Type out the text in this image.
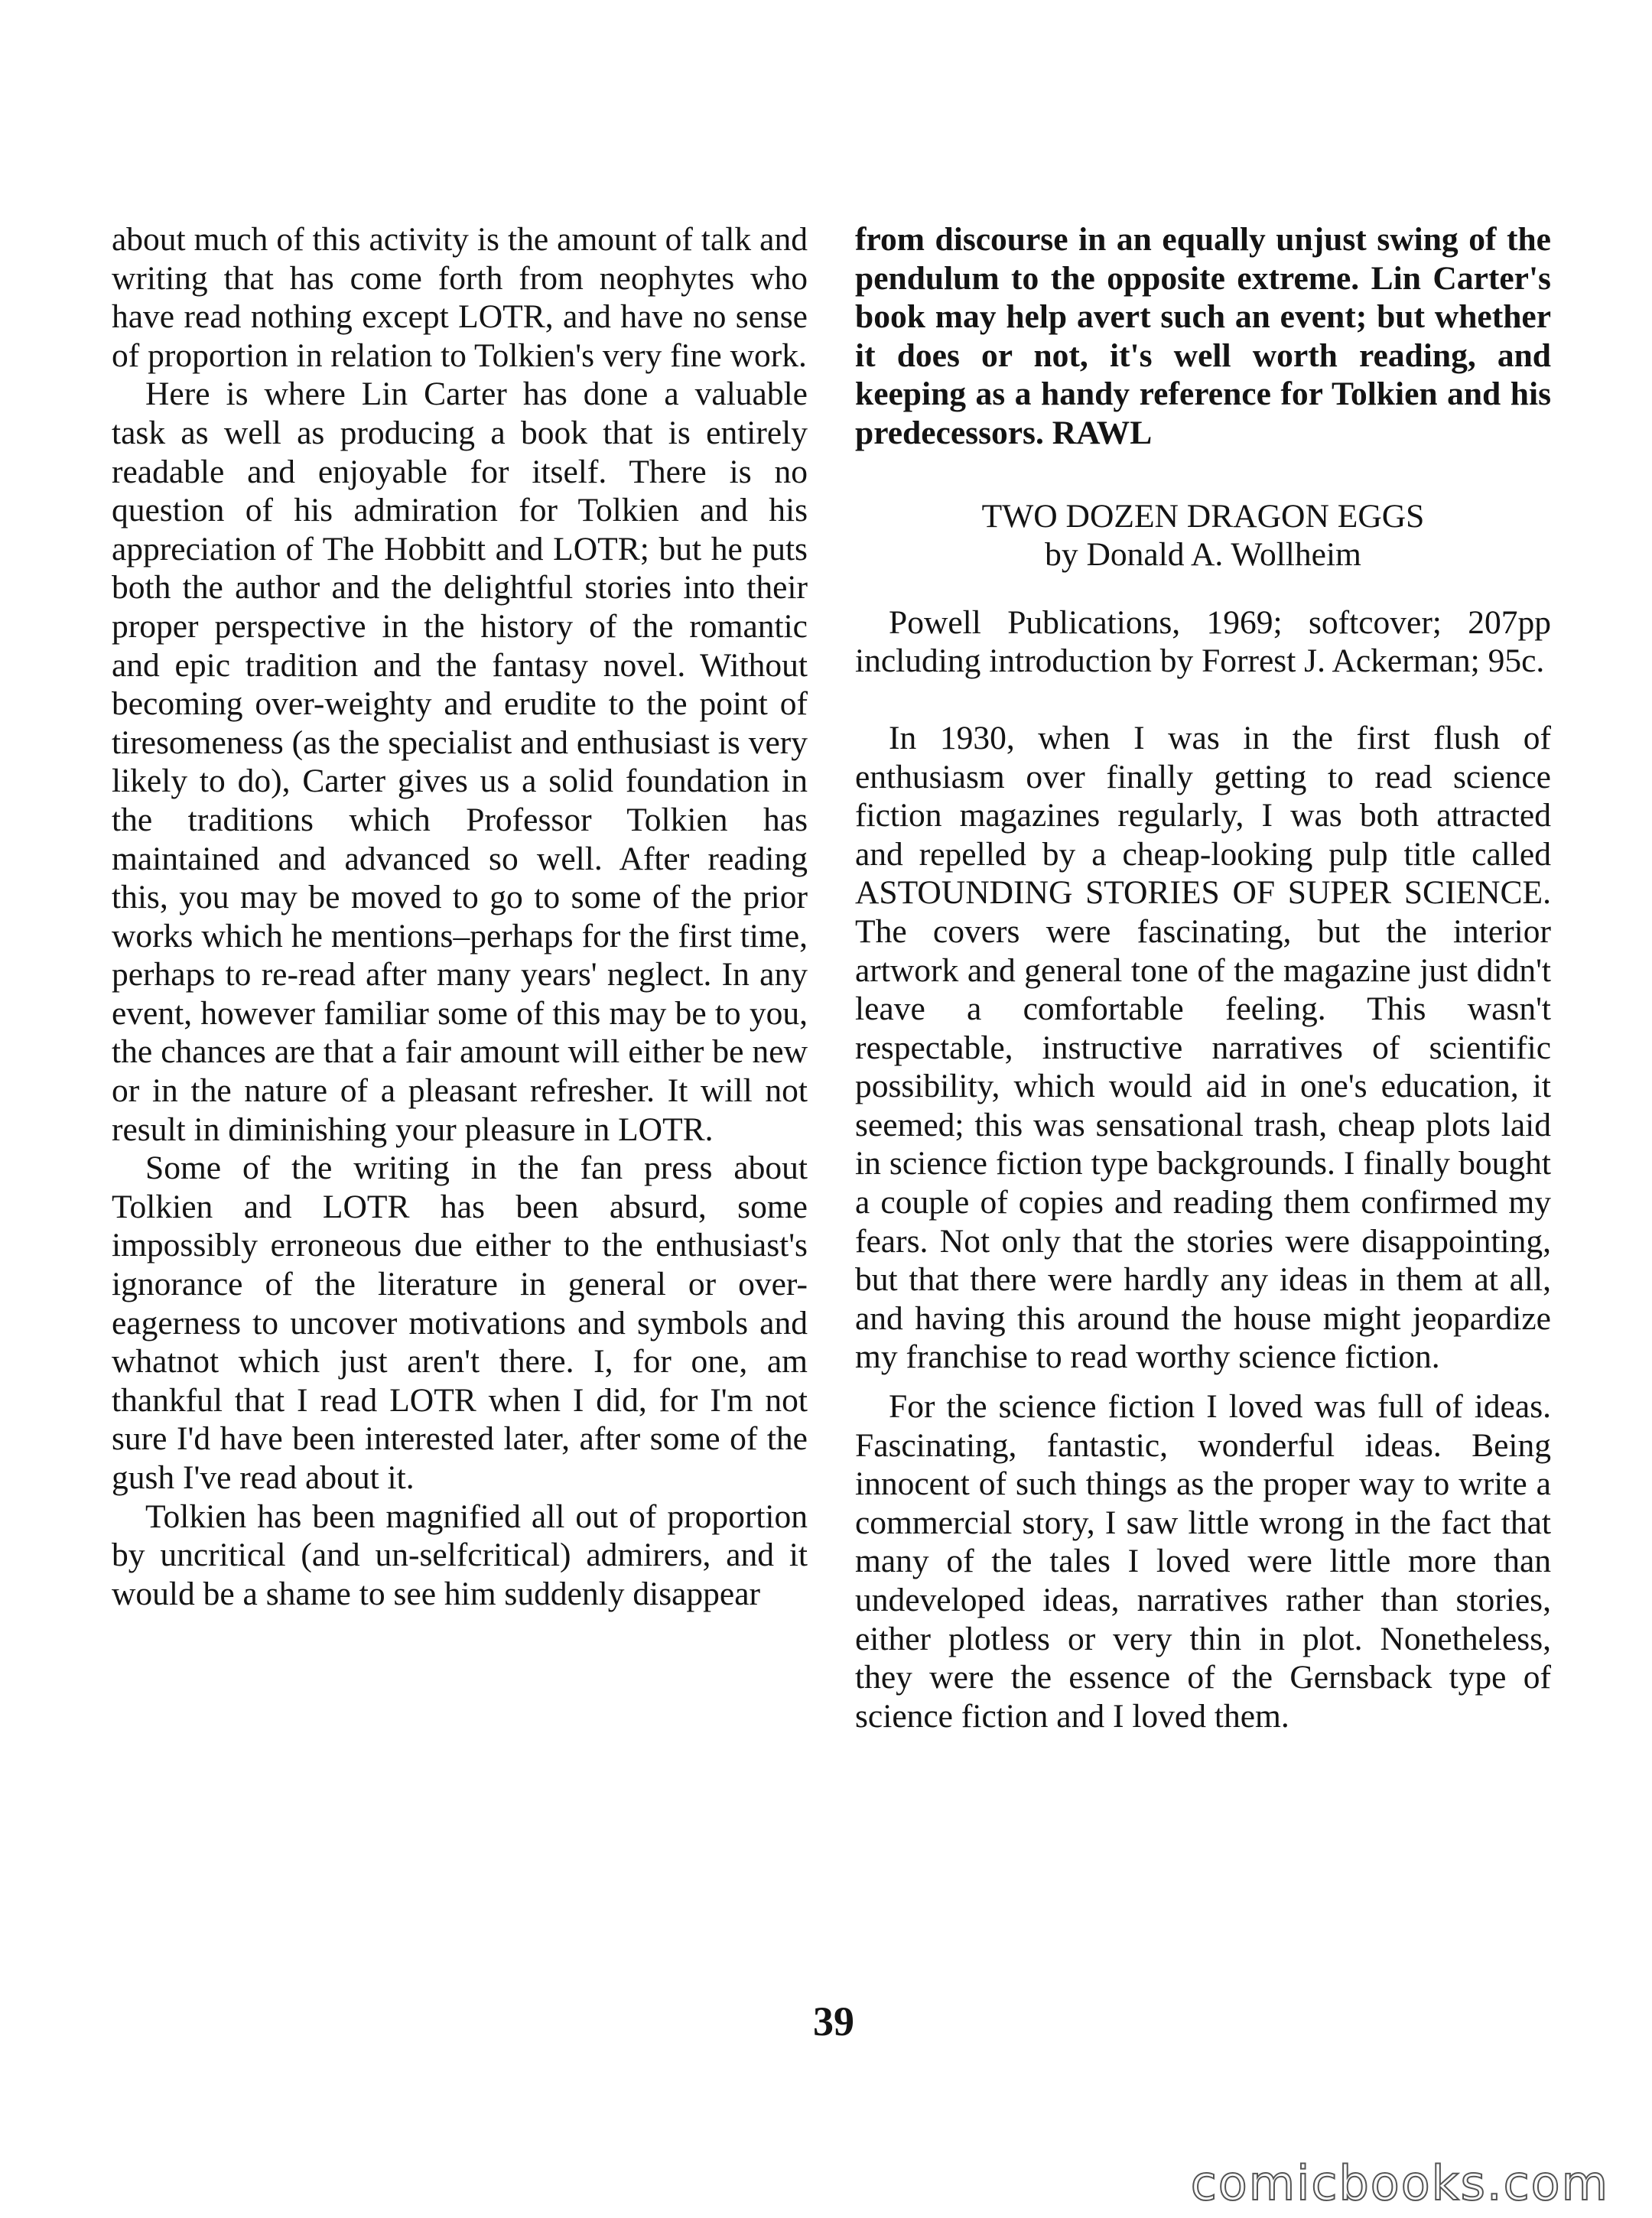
about much of this activity is the amount of talk and writing that has come forth from neophytes who have read nothing except LOTR, and have no sense of proportion in relation to Tolkien's very fine work.

Here is where Lin Carter has done a valuable task as well as producing a book that is entirely readable and enjoyable for itself. There is no question of his admiration for Tolkien and his appreciation of The Hobbitt and LOTR; but he puts both the author and the delightful stories into their proper perspective in the history of the romantic and epic tradition and the fantasy novel. Without becoming over-weighty and erudite to the point of tiresomeness (as the specialist and enthusiast is very likely to do), Carter gives us a solid foundation in the traditions which Professor Tolkien has maintained and advanced so well. After reading this, you may be moved to go to some of the prior works which he mentions–perhaps for the first time, perhaps to re-read after many years' neglect. In any event, however familiar some of this may be to you, the chances are that a fair amount will either be new or in the nature of a pleasant refresher. It will not result in diminishing your pleasure in LOTR.

Some of the writing in the fan press about Tolkien and LOTR has been absurd, some impossibly erroneous due either to the enthusiast's ignorance of the literature in general or over-eagerness to uncover motivations and symbols and whatnot which just aren't there. I, for one, am thankful that I read LOTR when I did, for I'm not sure I'd have been interested later, after some of the gush I've read about it.

Tolkien has been magnified all out of proportion by uncritical (and un-selfcritical) admirers, and it would be a shame to see him suddenly disappear

from discourse in an equally unjust swing of the pendulum to the opposite extreme. Lin Carter's book may help avert such an event; but whether it does or not, it's well worth reading, and keeping as a handy reference for Tolkien and his predecessors. RAWL

TWO DOZEN DRAGON EGGS
by Donald A. Wollheim

Powell Publications, 1969; softcover; 207pp including introduction by Forrest J. Ackerman; 95c.

In 1930, when I was in the first flush of enthusiasm over finally getting to read science fiction magazines regularly, I was both attracted and repelled by a cheap-looking pulp title called ASTOUNDING STORIES OF SUPER SCIENCE. The covers were fascinating, but the interior artwork and general tone of the magazine just didn't leave a comfortable feeling. This wasn't respectable, instructive narratives of scientific possibility, which would aid in one's education, it seemed; this was sensational trash, cheap plots laid in science fiction type backgrounds. I finally bought a couple of copies and reading them confirmed my fears. Not only that the stories were disappointing, but that there were hardly any ideas in them at all, and having this around the house might jeopardize my franchise to read worthy science fiction.

For the science fiction I loved was full of ideas. Fascinating, fantastic, wonderful ideas. Being innocent of such things as the proper way to write a commercial story, I saw little wrong in the fact that many of the tales I loved were little more than undeveloped ideas, narratives rather than stories, either plotless or very thin in plot. Nonetheless, they were the essence of the Gernsback type of science fiction and I loved them.

39
comicbooks.com
